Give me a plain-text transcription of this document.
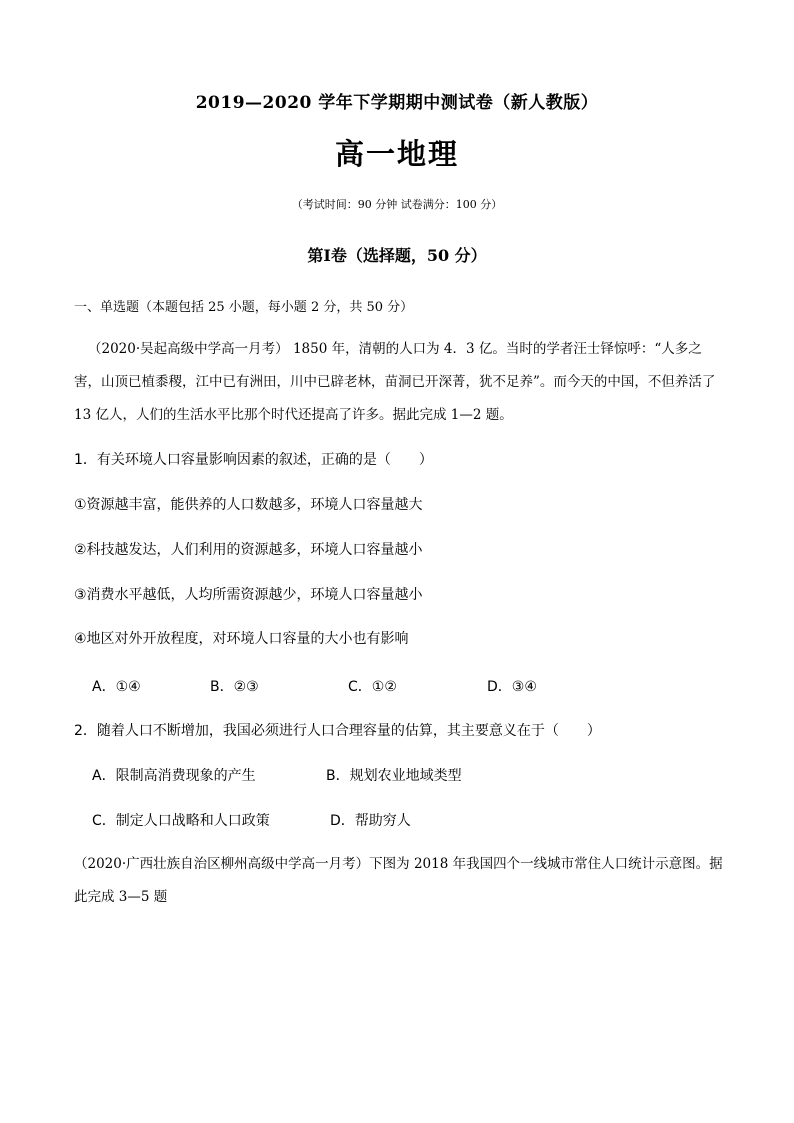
2019—2020 学年下学期期中测试卷（新人教版）
高一地理
（考试时间：90 分钟 试卷满分：100 分）
第Ⅰ卷（选择题，50 分）
一、单选题（本题包括 25 小题，每小题 2 分，共 50 分）
（2020·吴起高级中学高一月考） 1850 年，清朝的人口为 4．3 亿。当时的学者汪士铎惊呼：“人多之害，山顶已植黍稷，江中已有洲田，川中已辟老林，苗洞已开深菁，犹不足养”。而今天的中国，不但养活了 13 亿人，人们的生活水平比那个时代还提高了许多。据此完成 1—2 题。
1．有关环境人口容量影响因素的叙述，正确的是（　　）
①资源越丰富，能供养的人口数越多，环境人口容量越大
②科技越发达，人们利用的资源越多，环境人口容量越小
③消费水平越低，人均所需资源越少，环境人口容量越小
④地区对外开放程度，对环境人口容量的大小也有影响
A．①④	B．②③	C．①②	D．③④
2．随着人口不断增加，我国必须进行人口合理容量的估算，其主要意义在于（　　）
A．限制高消费现象的产生	B．规划农业地域类型
C．制定人口战略和人口政策	D．帮助穷人
（2020·广西壮族自治区柳州高级中学高一月考）下图为 2018 年我国四个一线城市常住人口统计示意图。据此完成 3—5 题
